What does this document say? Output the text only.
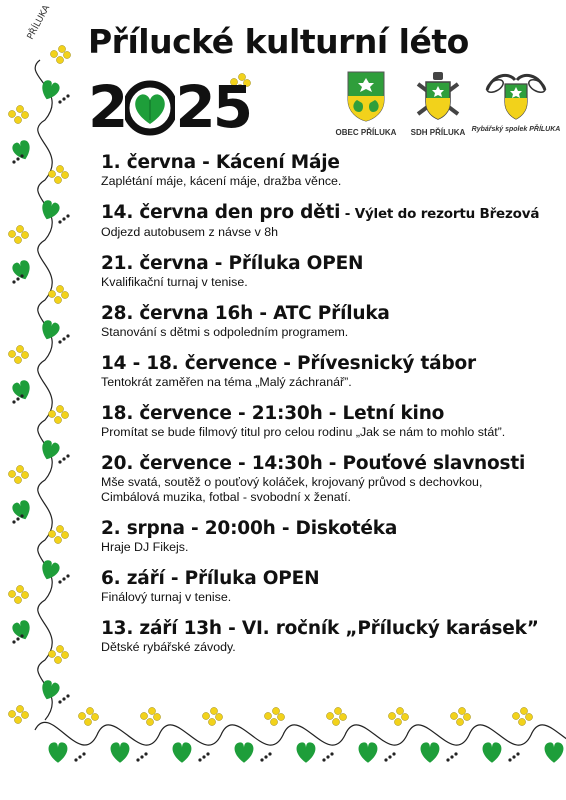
PŘÍLUKA Přílucké kulturní léto
2 25	OBEC PŘÍLUKA	SDH PŘÍLUKA Rybářský spolek PŘÍLUKA
1. června - Kácení Máje

Zaplétání máje, kácení máje, dražba věnce.

14. června den pro děti - Výlet do rezortu Březová

Odjezd autobusem z návse v 8h

21. června - Příluka OPEN

Kvalifikační turnaj v tenise.

28. června 16h - ATC Příluka

Stanování s dětmi s odpoledním programem.

14 - 18. července - Přívesnický tábor

Tentokrát zaměřen na téma „Malý záchranář”.

18. července - 21:30h - Letní kino

Promítat se bude filmový titul pro celou rodinu „Jak se nám to mohlo stát”.

20. července - 14:30h - Pouťové slavnosti

Mše svatá, soutěž o pouťový koláček, krojovaný průvod s dechovkou,

Cimbálová muzika, fotbal - svobodní x ženatí.

2. srpna - 20:00h - Diskotéka

Hraje DJ Fikejs.

6. září - Příluka OPEN

Finálový turnaj v tenise.

13. září 13h - VI. ročník „Přílucký karásek”

Dětské rybářské závody.
